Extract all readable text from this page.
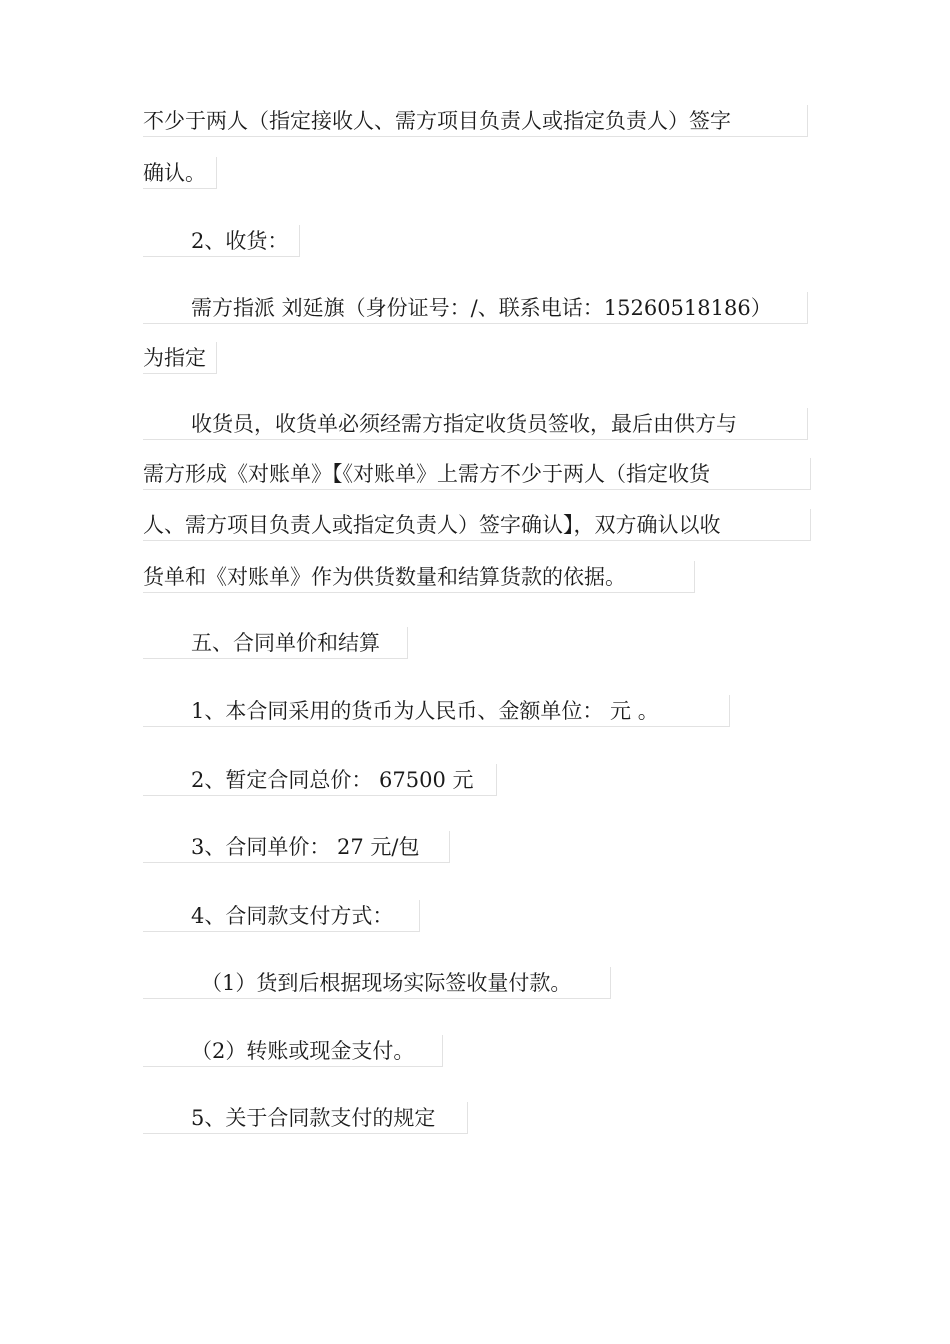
不少于两人（指定接收人、需方项目负责人或指定负责人）签字
确认。
2、收货：
需方指派 刘延旗（身份证号：/、联系电话：15260518186）
为指定
收货员，收货单必须经需方指定收货员签收，最后由供方与
需方形成《对账单》【《对账单》上需方不少于两人（指定收货
人、需方项目负责人或指定负责人）签字确认】，双方确认以收
货单和《对账单》作为供货数量和结算货款的依据。
五、合同单价和结算
1、本合同采用的货币为人民币、金额单位： 元 。
2、暂定合同总价： 67500 元
3、合同单价： 27 元/包
4、合同款支付方式：
（1）货到后根据现场实际签收量付款。
（2）转账或现金支付。
5、关于合同款支付的规定
